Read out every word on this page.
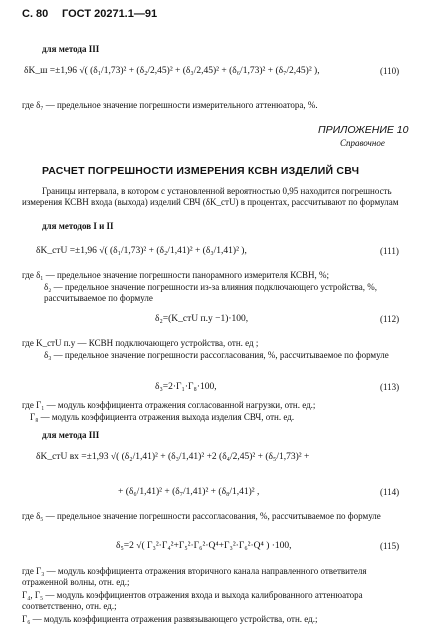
С. 80 ГОСТ 20271.1—91
для метода III
δK_ш =±1,96 √( (δ₁/1,73)² + (δ₂/2,45)² + (δ₃/2,45)² + (δ₆/1,73)² + (δ₇/2,45)² ),	(110)
где δ₇ — предельное значение погрешности измерительного аттенюатора, %.
ПРИЛОЖЕНИЕ 10
Справочное
РАСЧЕТ ПОГРЕШНОСТИ ИЗМЕРЕНИЯ КСВН ИЗДЕЛИЙ СВЧ
Границы интервала, в котором с установленной вероятностью 0,95 находится погрешность измерения КСВН входа (выхода) изделий СВЧ (δK_стU) в процентах, рассчитывают по формулам
для методов I и II
δK_стU =±1,96 √( (δ₁/1,73)² + (δ₂/1,41)² + (δ₃/1,41)² ),	(111)
где δ₁ — предельное значение погрешности панорамного измерителя КСВН, %;
δ₂ — предельное значение погрешности из-за влияния подключающего устройства, %, рассчитываемое по формуле
δ₂=(K_стU п.у −1)·100,	(112)
где K_стU п.у — КСВН подключающего устройства, отн. ед ;
δ₃ — предельное значение погрешности рассогласования, %, рассчитываемое по формуле
δ₃=2·Γ₁·Γ₈·100,	(113)
где Γ₁ — модуль коэффициента отражения согласованной нагрузки, отн. ед.;
Γ₈ — модуль коэффициента отражения выхода изделия СВЧ, отн. ед.
для метода III
δK_стU вх =±1,93 √( (δ₂/1,41)² + (δ₃/1,41)² +2 (δ₄/2,45)² + (δ₅/1,73)² +
+ (δ₆/1,41)² + (δ₇/1,41)² + (δ₈/1,41)² ,	(114)
где δ₅ — предельное значение погрешности рассогласования, %, рассчитываемое по формуле
δ₅=2 √( Γ₃²·Γ₄²+Γ₅²·Γ₆²·Q⁴+Γ₃²·Γ₆²·Q⁴ ) ·100,	(115)
где Γ₃ — модуль коэффициента отражения вторичного канала направленного ответвителя отраженной волны, отн. ед.;
Γ₄, Γ₅ — модуль коэффициентов отражения входа и выхода калиброванного аттенюатора соответственно, отн. ед.;
Γ₆ — модуль коэффициента отражения развязывающего устройства, отн. ед.;
